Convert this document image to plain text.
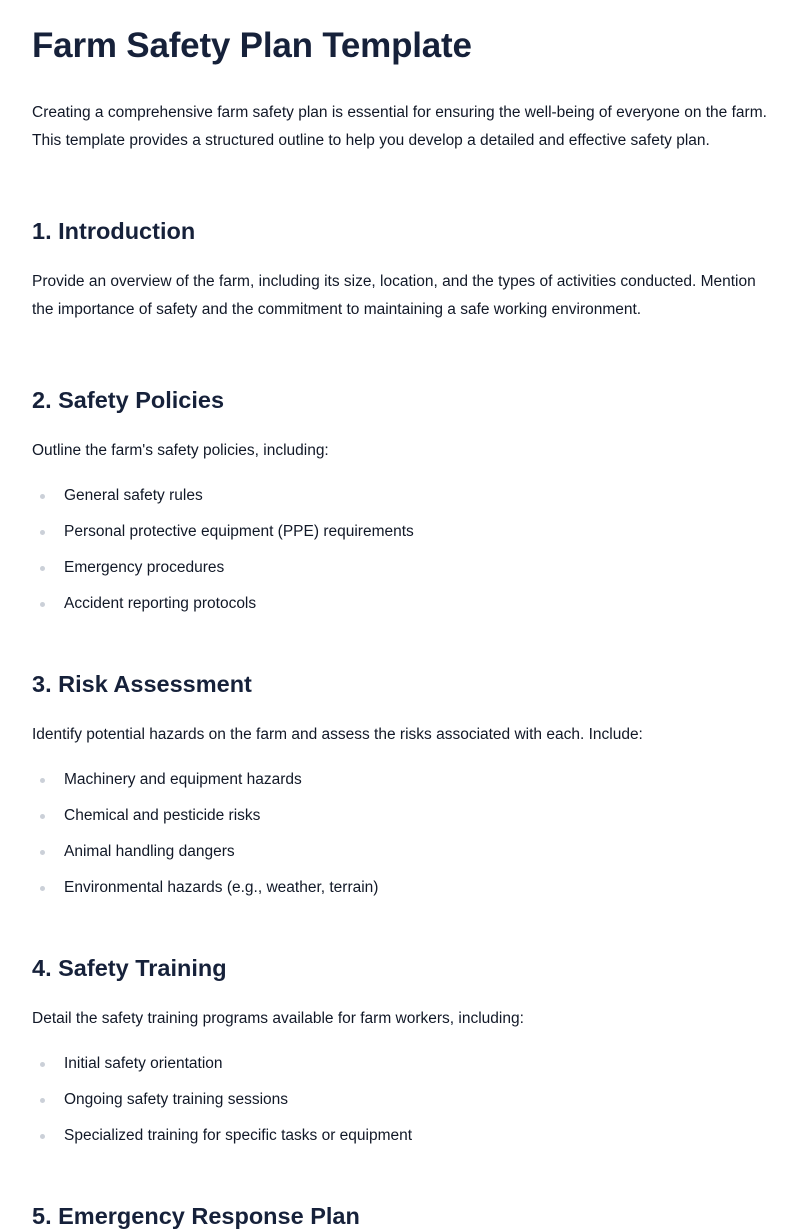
Farm Safety Plan Template

Creating a comprehensive farm safety plan is essential for ensuring the well-being of everyone on the farm. This template provides a structured outline to help you develop a detailed and effective safety plan.

1. Introduction

Provide an overview of the farm, including its size, location, and the types of activities conducted. Mention the importance of safety and the commitment to maintaining a safe working environment.

2. Safety Policies

Outline the farm's safety policies, including:

General safety rules
Personal protective equipment (PPE) requirements
Emergency procedures
Accident reporting protocols
3. Risk Assessment

Identify potential hazards on the farm and assess the risks associated with each. Include:

Machinery and equipment hazards
Chemical and pesticide risks
Animal handling dangers
Environmental hazards (e.g., weather, terrain)
4. Safety Training

Detail the safety training programs available for farm workers, including:

Initial safety orientation
Ongoing safety training sessions
Specialized training for specific tasks or equipment
5. Emergency Response Plan
